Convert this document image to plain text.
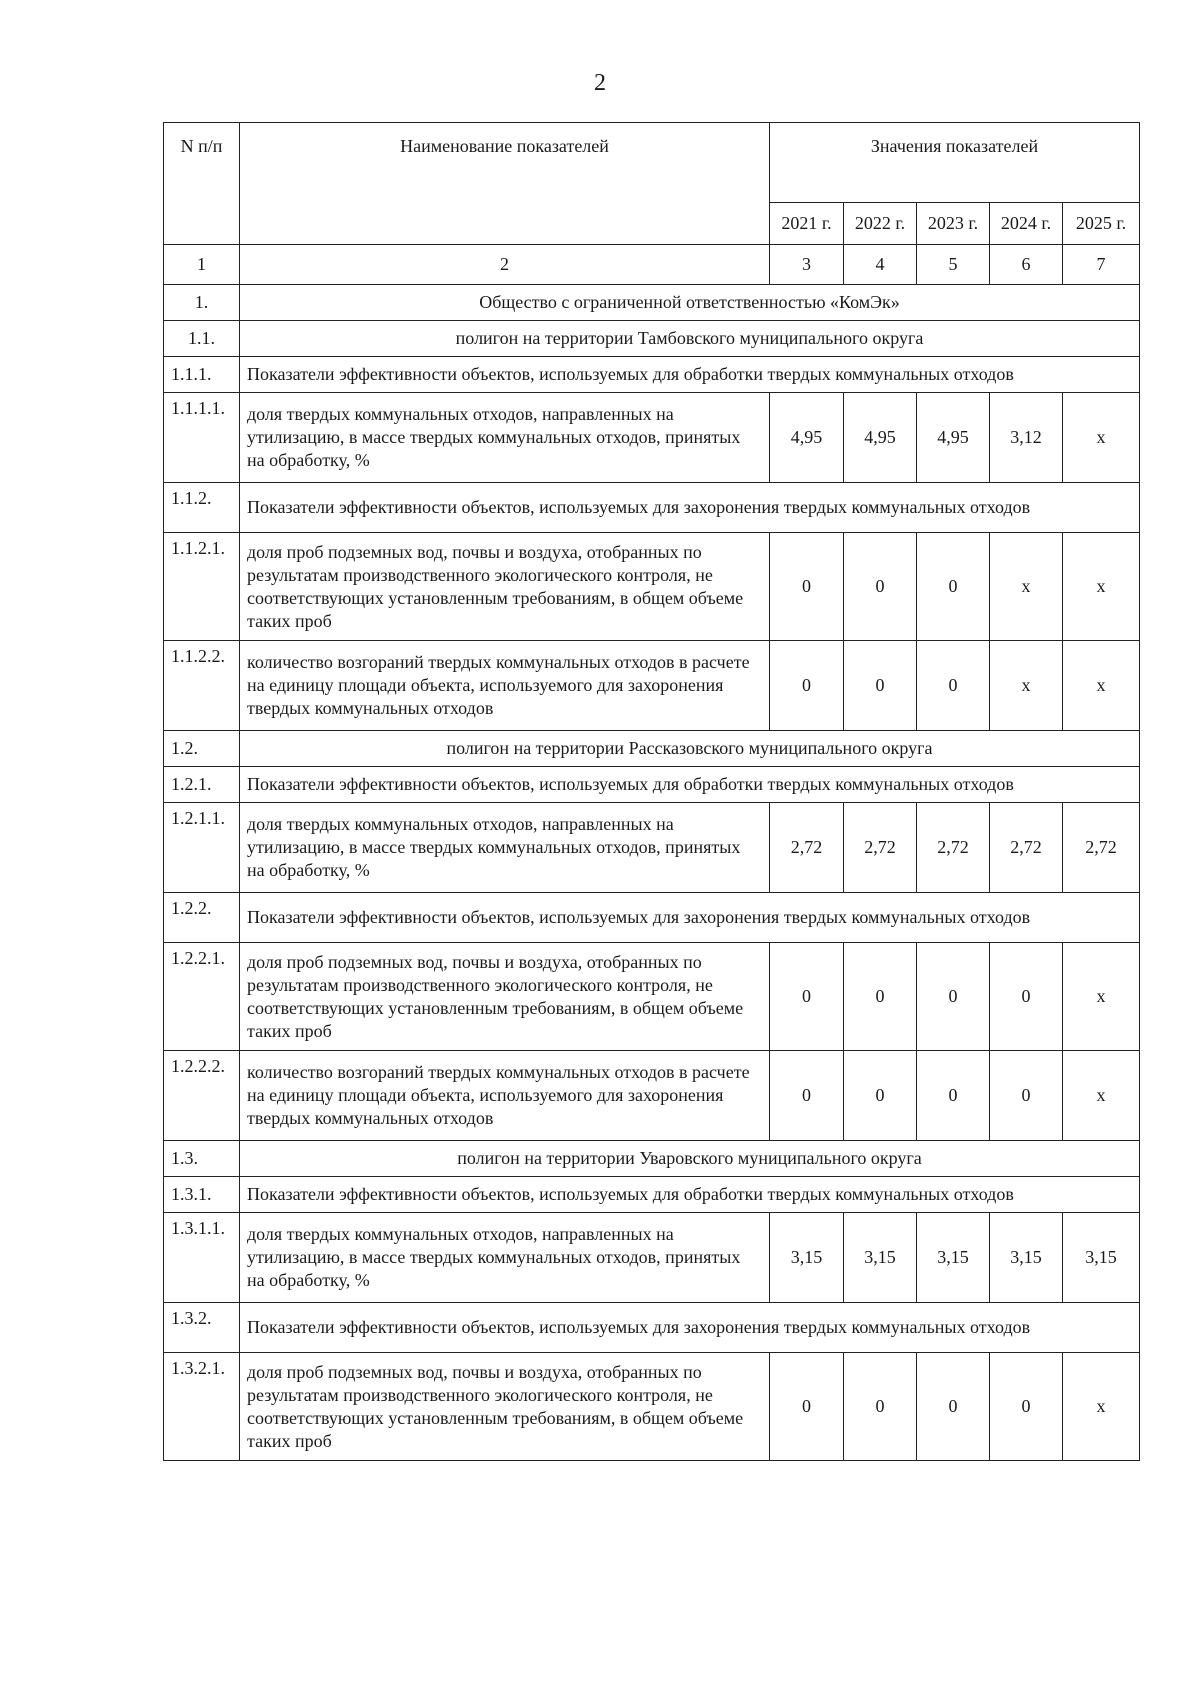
2
N п/п	Наименование показателей	Значения показателей				
		2021 г.	2022 г.	2023 г.	2024 г.	2025 г.
1	2	3	4	5	6	7
1.	Общество с ограниченной ответственностью «КомЭк»					
1.1.	полигон на территории Тамбовского муниципального округа					
1.1.1.	Показатели эффективности объектов, используемых для обработки твердых коммунальных отходов					
1.1.1.1.	доля твердых коммунальных отходов, направленных на утилизацию, в массе твердых коммунальных отходов, принятых на обработку, %	4,95	4,95	4,95	3,12	х
1.1.2.	Показатели эффективности объектов, используемых для захоронения твердых коммунальных отходов					
1.1.2.1.	доля проб подземных вод, почвы и воздуха, отобранных по результатам производственного экологического контроля, не соответствующих установленным требованиям, в общем объеме таких проб	0	0	0	х	х
1.1.2.2.	количество возгораний твердых коммунальных отходов в расчете на единицу площади объекта, используемого для захоронения твердых коммунальных отходов	0	0	0	х	х
1.2.	полигон на территории Рассказовского муниципального округа					
1.2.1.	Показатели эффективности объектов, используемых для обработки твердых коммунальных отходов					
1.2.1.1.	доля твердых коммунальных отходов, направленных на утилизацию, в массе твердых коммунальных отходов, принятых на обработку, %	2,72	2,72	2,72	2,72	2,72
1.2.2.	Показатели эффективности объектов, используемых для захоронения твердых коммунальных отходов					
1.2.2.1.	доля проб подземных вод, почвы и воздуха, отобранных по результатам производственного экологического контроля, не соответствующих установленным требованиям, в общем объеме таких проб	0	0	0	0	х
1.2.2.2.	количество возгораний твердых коммунальных отходов в расчете на единицу площади объекта, используемого для захоронения твердых коммунальных отходов	0	0	0	0	х
1.3.	полигон на территории Уваровского муниципального округа					
1.3.1.	Показатели эффективности объектов, используемых для обработки твердых коммунальных отходов					
1.3.1.1.	доля твердых коммунальных отходов, направленных на утилизацию, в массе твердых коммунальных отходов, принятых на обработку, %	3,15	3,15	3,15	3,15	3,15
1.3.2.	Показатели эффективности объектов, используемых для захоронения твердых коммунальных отходов					
1.3.2.1.	доля проб подземных вод, почвы и воздуха, отобранных по результатам производственного экологического контроля, не соответствующих установленным требованиям, в общем объеме таких проб	0	0	0	0	х
